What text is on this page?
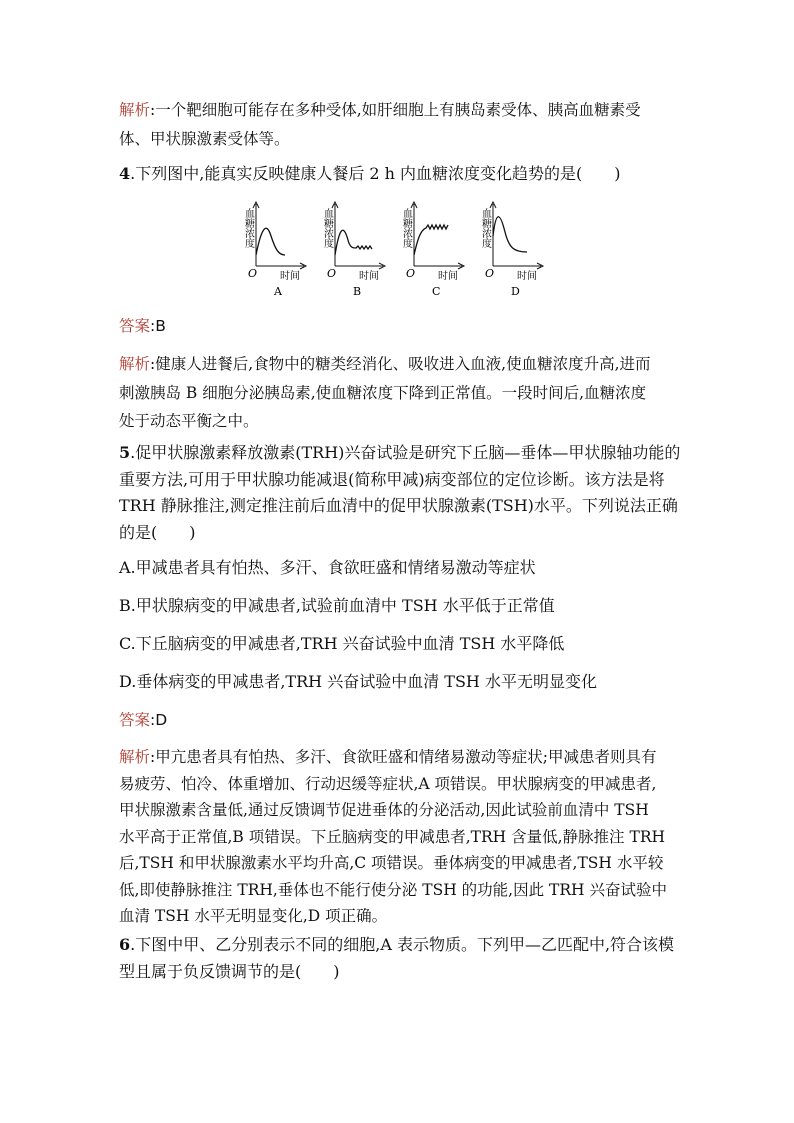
解析:一个靶细胞可能存在多种受体,如肝细胞上有胰岛素受体、胰高血糖素受
体、甲状腺激素受体等。
4.下列图中,能真实反映健康人餐后 2 h 内血糖浓度变化趋势的是(　　)
血糖浓度
O 时间
A
血糖浓度
O 时间
B
血糖浓度
O 时间
C
血糖浓度
O 时间
D
答案:B
解析:健康人进餐后,食物中的糖类经消化、吸收进入血液,使血糖浓度升高,进而
刺激胰岛 B 细胞分泌胰岛素,使血糖浓度下降到正常值。一段时间后,血糖浓度
处于动态平衡之中。
5.促甲状腺激素释放激素(TRH)兴奋试验是研究下丘脑—垂体—甲状腺轴功能的
重要方法,可用于甲状腺功能减退(简称甲减)病变部位的定位诊断。该方法是将
TRH 静脉推注,测定推注前后血清中的促甲状腺激素(TSH)水平。下列说法正确
的是(　　)
A.甲减患者具有怕热、多汗、食欲旺盛和情绪易激动等症状
B.甲状腺病变的甲减患者,试验前血清中 TSH 水平低于正常值
C.下丘脑病变的甲减患者,TRH 兴奋试验中血清 TSH 水平降低
D.垂体病变的甲减患者,TRH 兴奋试验中血清 TSH 水平无明显变化
答案:D
解析:甲亢患者具有怕热、多汗、食欲旺盛和情绪易激动等症状;甲减患者则具有
易疲劳、怕冷、体重增加、行动迟缓等症状,A 项错误。甲状腺病变的甲减患者,
甲状腺激素含量低,通过反馈调节促进垂体的分泌活动,因此试验前血清中 TSH
水平高于正常值,B 项错误。下丘脑病变的甲减患者,TRH 含量低,静脉推注 TRH
后,TSH 和甲状腺激素水平均升高,C 项错误。垂体病变的甲减患者,TSH 水平较
低,即使静脉推注 TRH,垂体也不能行使分泌 TSH 的功能,因此 TRH 兴奋试验中
血清 TSH 水平无明显变化,D 项正确。
6.下图中甲、乙分别表示不同的细胞,A 表示物质。下列甲—乙匹配中,符合该模
型且属于负反馈调节的是(　　)
